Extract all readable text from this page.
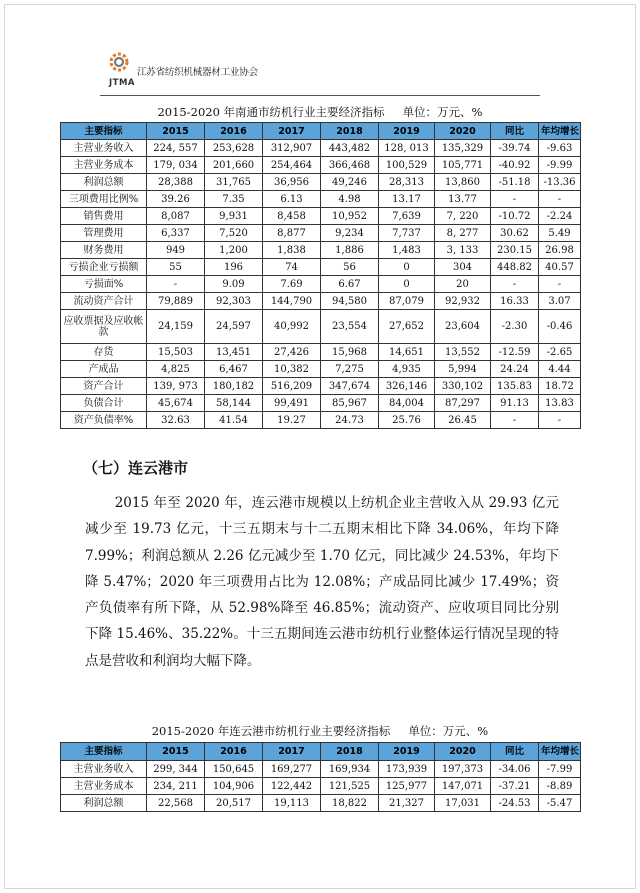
江苏省纺织机械器材工业协会
JTMA
2015-2020 年南通市纺机行业主要经济指标 单位：万元、%
主要指标	2015	2016	2017	2018	2019	2020	同比	年均增长
主营业务收入	224, 557	253,628	312,907	443,482	128, 013	135,329	-39.74	-9.63
主营业务成本	179, 034	201,660	254,464	366,468	100,529	105,771	-40.92	-9.99
利润总额	28,388	31,765	36,956	49,246	28,313	13,860	-51.18	-13.36
三项费用比例%	39.26	7.35	6.13	4.98	13.17	13.77	-	-
销售费用	8,087	9,931	8,458	10,952	7,639	7, 220	-10.72	-2.24
管理费用	6,337	7,520	8,877	9,234	7,737	8, 277	30.62	5.49
财务费用	949	1,200	1,838	1,886	1,483	3, 133	230.15	26.98
亏损企业亏损额	55	196	74	56	0	304	448.82	40.57
亏损面%	-	9.09	7.69	6.67	0	20	-	-
流动资产合计	79,889	92,303	144,790	94,580	87,079	92,932	16.33	3.07
应收票据及应收帐款	24,159	24,597	40,992	23,554	27,652	23,604	-2.30	-0.46
存货	15,503	13,451	27,426	15,968	14,651	13,552	-12.59	-2.65
产成品	4,825	6,467	10,382	7,275	4,935	5,994	24.24	4.44
资产合计	139, 973	180,182	516,209	347,674	326,146	330,102	135.83	18.72
负债合计	45,674	58,144	99,491	85,967	84,004	87,297	91.13	13.83
资产负债率%	32.63	41.54	19.27	24.73	25.76	26.45	-	-
（七）连云港市

2015 年至 2020 年，连云港市规模以上纺机企业主营收入从 29.93 亿元减少至 19.73 亿元，十三五期末与十二五期末相比下降 34.06%，年均下降 7.99%；利润总额从 2.26 亿元减少至 1.70 亿元，同比减少 24.53%，年均下降 5.47%；2020 年三项费用占比为 12.08%；产成品同比减少 17.49%；资产负债率有所下降，从 52.98%降至 46.85%；流动资产、应收项目同比分别下降 15.46%、35.22%。十三五期间连云港市纺机行业整体运行情况呈现的特点是营收和利润均大幅下降。

2015-2020 年连云港市纺机行业主要经济指标 单位：万元、%
主要指标	2015	2016	2017	2018	2019	2020	同比	年均增长
主营业务收入	299, 344	150,645	169,277	169,934	173,939	197,373	-34.06	-7.99
主营业务成本	234, 211	104,906	122,442	121,525	125,977	147,071	-37.21	-8.89
利润总额	22,568	20,517	19,113	18,822	21,327	17,031	-24.53	-5.47
